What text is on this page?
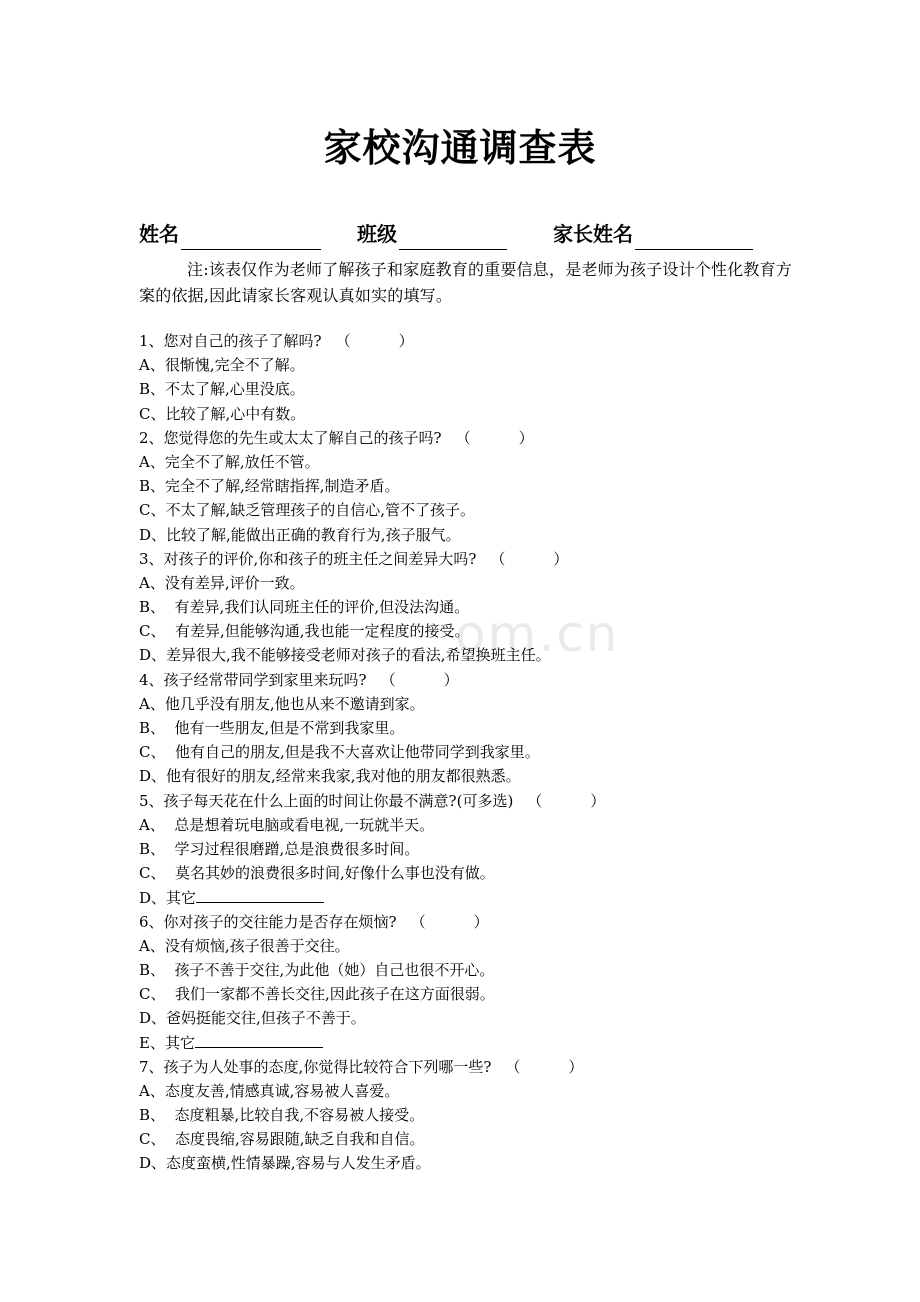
om.cn
家校沟通调查表
姓名	班级	家长姓名
注:该表仅作为老师了解孩子和家庭教育的重要信息，是老师为孩子设计个性化教育方案的依据,因此请家长客观认真如实的填写。
1、您对自己的孩子了解吗? （	）
A、很惭愧,完全不了解。
B、不太了解,心里没底。
C、比较了解,心中有数。
2、您觉得您的先生或太太了解自己的孩子吗? （	）
A、完全不了解,放任不管。
B、完全不了解,经常瞎指挥,制造矛盾。
C、不太了解,缺乏管理孩子的自信心,管不了孩子。
D、比较了解,能做出正确的教育行为,孩子服气。
3、对孩子的评价,你和孩子的班主任之间差异大吗? （	）
A、没有差异,评价一致。
B、  有差异,我们认同班主任的评价,但没法沟通。
C、  有差异,但能够沟通,我也能一定程度的接受。
D、差异很大,我不能够接受老师对孩子的看法,希望换班主任。
4、孩子经常带同学到家里来玩吗? （	）
A、他几乎没有朋友,他也从来不邀请到家。
B、  他有一些朋友,但是不常到我家里。
C、  他有自己的朋友,但是我不大喜欢让他带同学到我家里。
D、他有很好的朋友,经常来我家,我对他的朋友都很熟悉。
5、孩子每天花在什么上面的时间让你最不满意?(可多选) （	）
A、  总是想着玩电脑或看电视,一玩就半天。
B、  学习过程很磨蹭,总是浪费很多时间。
C、  莫名其妙的浪费很多时间,好像什么事也没有做。
D、其它
6、你对孩子的交往能力是否存在烦恼? （	）
A、没有烦恼,孩子很善于交往。
B、  孩子不善于交往,为此他（她）自己也很不开心。
C、  我们一家都不善长交往,因此孩子在这方面很弱。
D、爸妈挺能交往,但孩子不善于。
E、其它
7、孩子为人处事的态度,你觉得比较符合下列哪一些? （	）
A、态度友善,情感真诚,容易被人喜爱。
B、  态度粗暴,比较自我,不容易被人接受。
C、  态度畏缩,容易跟随,缺乏自我和自信。
D、态度蛮横,性情暴躁,容易与人发生矛盾。
